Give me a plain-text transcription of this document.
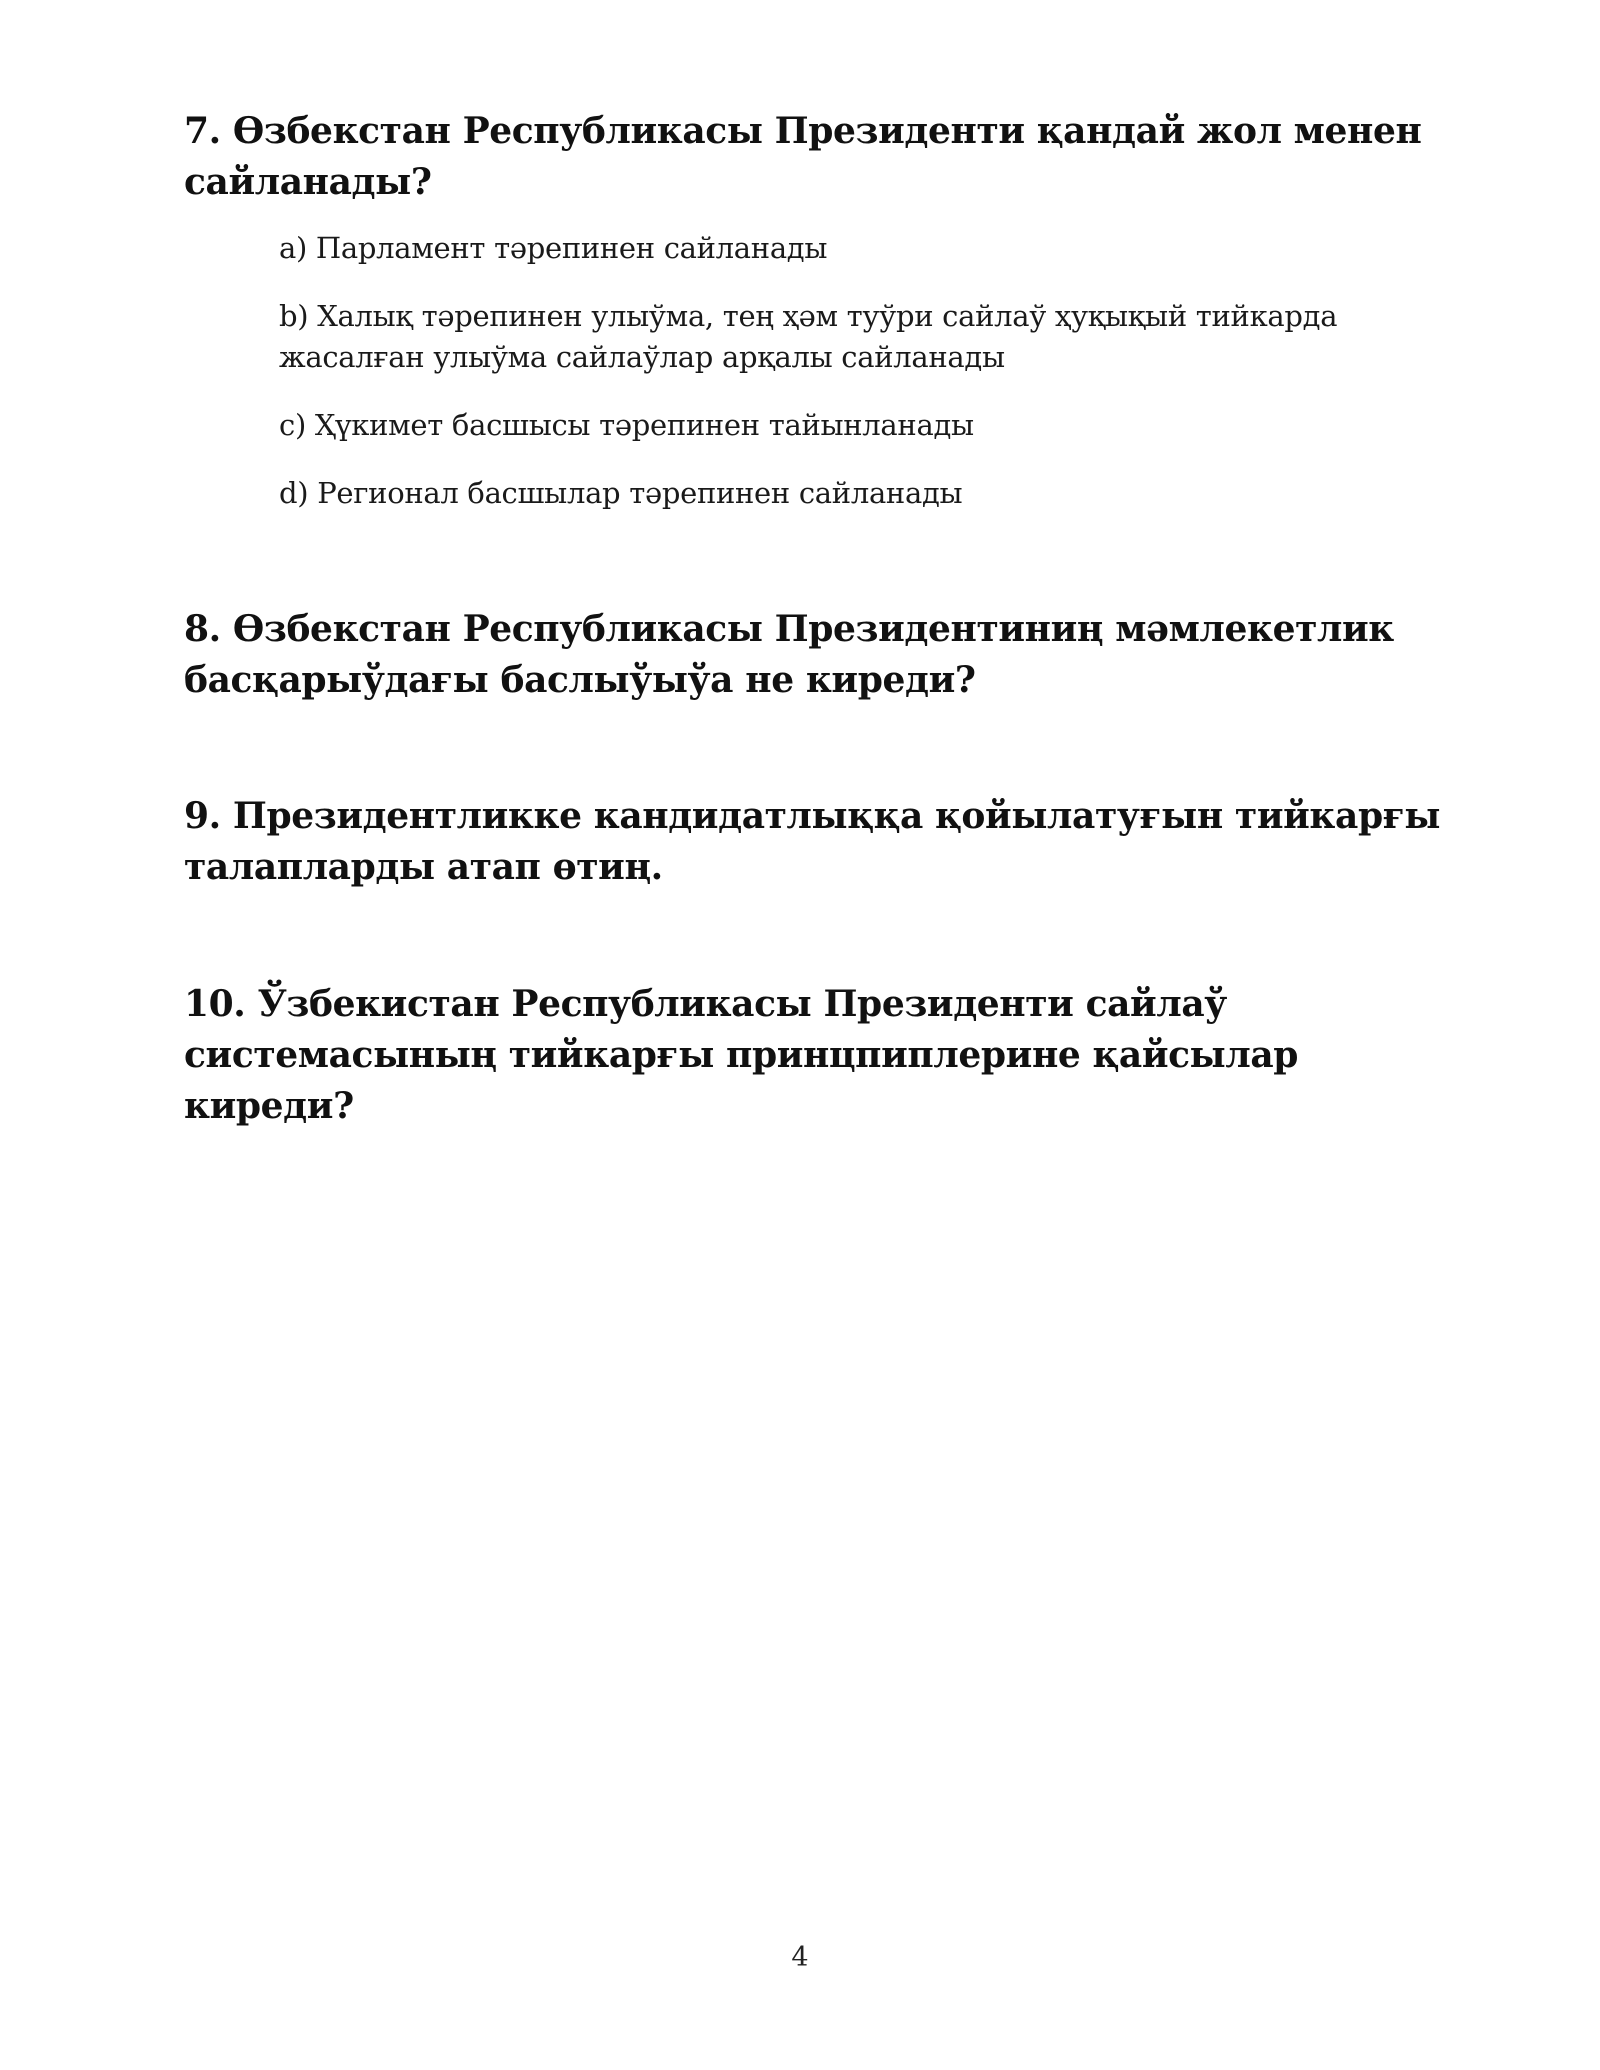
7. Өзбекстан Республикасы Президенти қандай жол менен сайланады?

a) Парламент тәрепинен сайланады
b) Халық тәрепинен улыўма, тең ҳәм туўри сайлаў ҳуқықый тийкарда жасалған улыўма сайлаўлар арқалы сайланады
c) Ҳүкимет басшысы тәрепинен тайынланады
d) Регионал басшылар тәрепинен сайланады

8. Өзбекстан Республикасы Президентиниң мәмлекетлик басқарыўдағы баслыўыўа не киреди?

9. Президентликке кандидатлыққа қойылатуғын тийкарғы талапларды атап өтиң.

10. Ўзбекистан Республикасы Президенти сайлаў системасының тийкарғы принцпиплерине қайсылар киреди?

4
